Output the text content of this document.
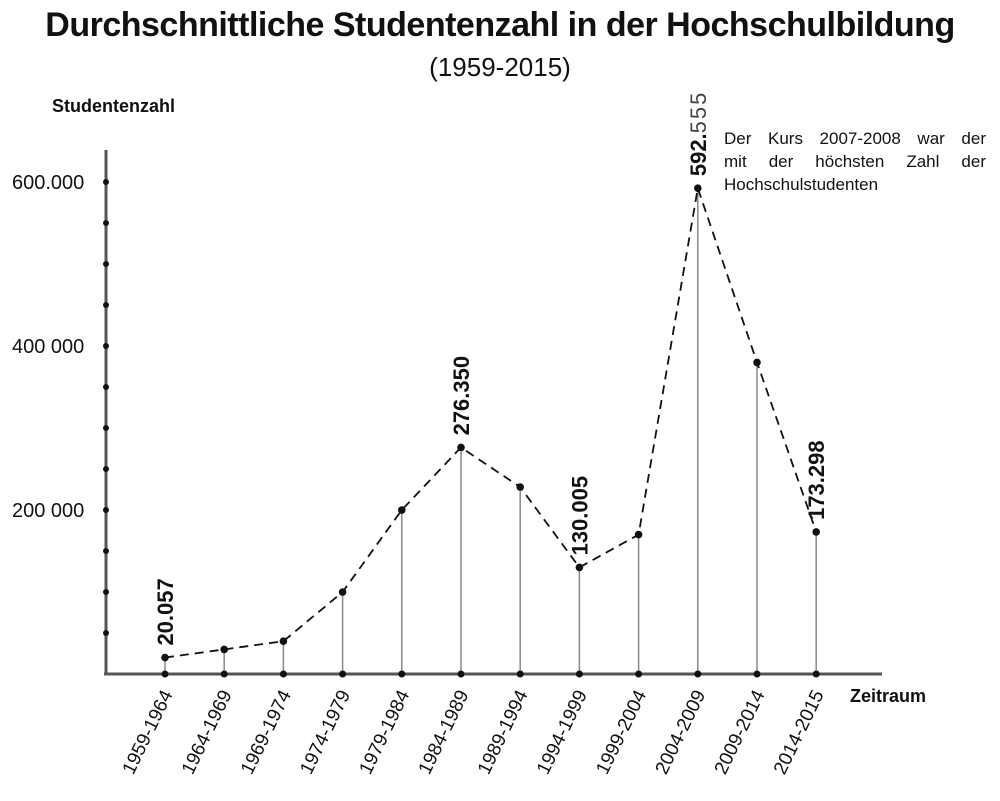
Durchschnittliche Studentenzahl in der Hochschulbildung
(1959-2015)
Studentenzahl
Zeitraum
Der Kurs 2007-2008 war der
mit der höchsten Zahl der
Hochschulstudenten
200 000
400 000
600.000
1959-1964 1964-1969 1969-1974 1974-1979 1979-1984 1984-1989 1989-1994 1994-1999 1999-2004 2004-2009 2009-2014 2014-2015
20.057
276.350
130.005
592.555
173.298
